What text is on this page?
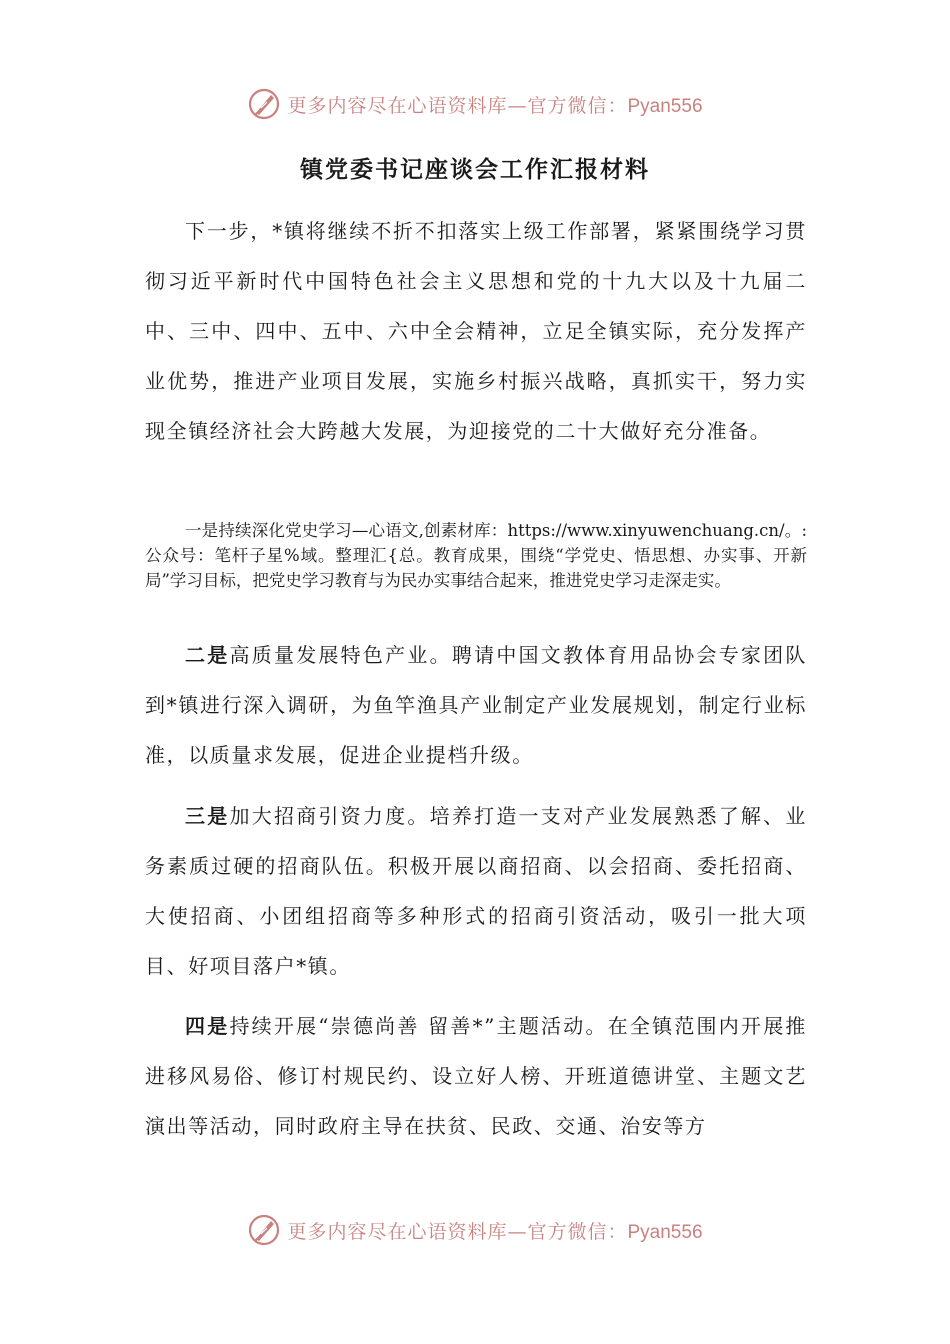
更多内容尽在心语资料库—官方微信：Pyan556
镇党委书记座谈会工作汇报材料

下一步，*镇将继续不折不扣落实上级工作部署，紧紧围绕学习贯彻习近平新时代中国特色社会主义思想和党的十九大以及十九届二中、三中、四中、五中、六中全会精神，立足全镇实际，充分发挥产业优势，推进产业项目发展，实施乡村振兴战略，真抓实干，努力实现全镇经济社会大跨越大发展，为迎接党的二十大做好充分准备。

一是持续深化党史学习—心语文,创素材库：https://www.xinyuwenchuang.cn/。:公众号：笔杆子星%域。整理汇{总。教育成果，围绕“学党史、悟思想、办实事、开新局”学习目标，把党史学习教育与为民办实事结合起来，推进党史学习走深走实。

二是高质量发展特色产业。聘请中国文教体育用品协会专家团队到*镇进行深入调研，为鱼竿渔具产业制定产业发展规划，制定行业标准，以质量求发展，促进企业提档升级。

三是加大招商引资力度。培养打造一支对产业发展熟悉了解、业务素质过硬的招商队伍。积极开展以商招商、以会招商、委托招商、大使招商、小团组招商等多种形式的招商引资活动，吸引一批大项目、好项目落户*镇。

四是持续开展“崇德尚善 留善*”主题活动。在全镇范围内开展推进移风易俗、修订村规民约、设立好人榜、开班道德讲堂、主题文艺演出等活动，同时政府主导在扶贫、民政、交通、治安等方

更多内容尽在心语资料库—官方微信：Pyan556
